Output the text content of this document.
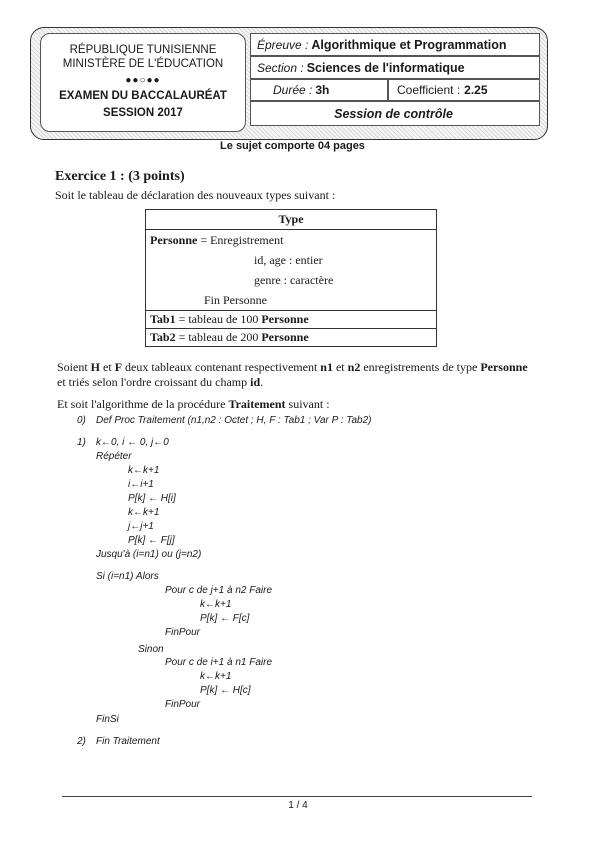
RÉPUBLIQUE TUNISIENNE
MINISTÈRE DE L'ÉDUCATION
●●○●●
EXAMEN DU BACCALAURÉAT
SESSION 2017
Épreuve : Algorithmique et Programmation
Section : Sciences de l'informatique
Durée : 3h	Coefficient : 2.25
Session de contrôle
Le sujet comporte 04 pages
Exercice 1 : (3 points)
Soit le tableau de déclaration des nouveaux types suivant :
Type
Personne = Enregistrement
id, age : entier
genre : caractère
Fin Personne
Tab1 = tableau de 100 Personne
Tab2 = tableau de 200 Personne
Soient H et F deux tableaux contenant respectivement n1 et n2 enregistrements de type Personne
et triés selon l'ordre croissant du champ id.
Et soit l'algorithme de la procédure Traitement suivant :
0) Def Proc Traitement (n1,n2 : Octet ; H, F : Tab1 ; Var P : Tab2)
1) k←0, i ← 0, j←0
Répéter
k←k+1
i←i+1
P[k] ← H[i]
k←k+1
j←j+1
P[k] ← F[j]
Jusqu'à (i=n1) ou (j=n2)
Si (i=n1) Alors
Pour c de j+1 à n2 Faire
k←k+1
P[k] ← F[c]
FinPour
Sinon
Pour c de i+1 à n1 Faire
k←k+1
P[k] ← H[c]
FinPour
FinSi
2) Fin Traitement
1 / 4
